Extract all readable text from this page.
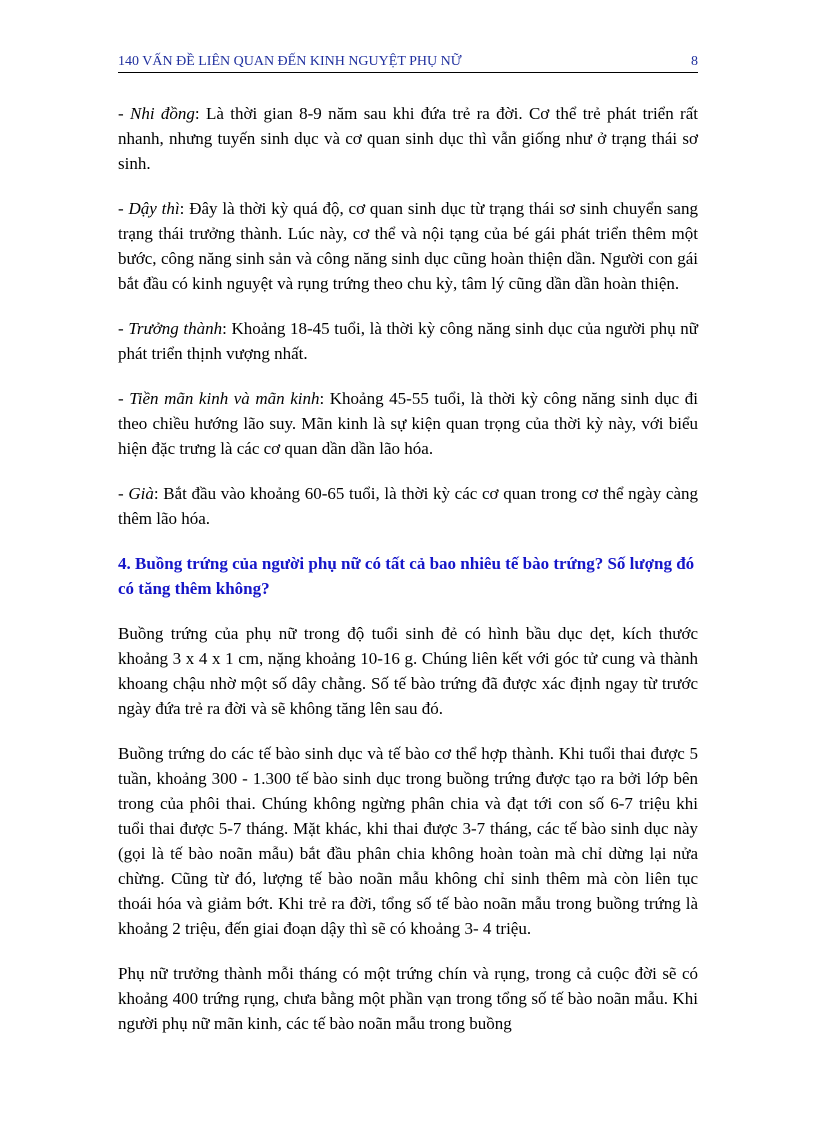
140 VẤN ĐỀ LIÊN QUAN ĐẾN KINH NGUYỆT PHỤ NỮ	8

- Nhi đồng: Là thời gian 8-9 năm sau khi đứa trẻ ra đời. Cơ thể trẻ phát triển rất nhanh, nhưng tuyến sinh dục và cơ quan sinh dục thì vẫn giống như ở trạng thái sơ sinh.

- Dậy thì: Đây là thời kỳ quá độ, cơ quan sinh dục từ trạng thái sơ sinh chuyển sang trạng thái trưởng thành. Lúc này, cơ thể và nội tạng của bé gái phát triển thêm một bước, công năng sinh sản và công năng sinh dục cũng hoàn thiện dần. Người con gái bắt đầu có kinh nguyệt và rụng trứng theo chu kỳ, tâm lý cũng dần dần hoàn thiện.

- Trưởng thành: Khoảng 18-45 tuổi, là thời kỳ công năng sinh dục của người phụ nữ phát triển thịnh vượng nhất.

- Tiền mãn kinh và mãn kinh: Khoảng 45-55 tuổi, là thời kỳ công năng sinh dục đi theo chiều hướng lão suy. Mãn kinh là sự kiện quan trọng của thời kỳ này, với biểu hiện đặc trưng là các cơ quan dần dần lão hóa.

- Già: Bắt đầu vào khoảng 60-65 tuổi, là thời kỳ các cơ quan trong cơ thể ngày càng thêm lão hóa.

4. Buồng trứng của người phụ nữ có tất cả bao nhiêu tế bào trứng? Số lượng đó có tăng thêm không?

Buồng trứng của phụ nữ trong độ tuổi sinh đẻ có hình bầu dục dẹt, kích thước khoảng 3 x 4 x 1 cm, nặng khoảng 10-16 g. Chúng liên kết với góc tử cung và thành khoang chậu nhờ một số dây chằng. Số tế bào trứng đã được xác định ngay từ trước ngày đứa trẻ ra đời và sẽ không tăng lên sau đó.

Buồng trứng do các tế bào sinh dục và tế bào cơ thể hợp thành. Khi tuổi thai được 5 tuần, khoảng 300 - 1.300 tế bào sinh dục trong buồng trứng được tạo ra bởi lớp bên trong của phôi thai. Chúng không ngừng phân chia và đạt tới con số 6-7 triệu khi tuổi thai được 5-7 tháng. Mặt khác, khi thai được 3-7 tháng, các tế bào sinh dục này (gọi là tế bào noãn mẫu) bắt đầu phân chia không hoàn toàn mà chỉ dừng lại nửa chừng. Cũng từ đó, lượng tế bào noãn mẫu không chỉ sinh thêm mà còn liên tục thoái hóa và giảm bớt. Khi trẻ ra đời, tổng số tế bào noãn mẫu trong buồng trứng là khoảng 2 triệu, đến giai đoạn dậy thì sẽ có khoảng 3- 4 triệu.

Phụ nữ trưởng thành mỗi tháng có một trứng chín và rụng, trong cả cuộc đời sẽ có khoảng 400 trứng rụng, chưa bằng một phần vạn trong tổng số tế bào noãn mẫu. Khi người phụ nữ mãn kinh, các tế bào noãn mẫu trong buồng
